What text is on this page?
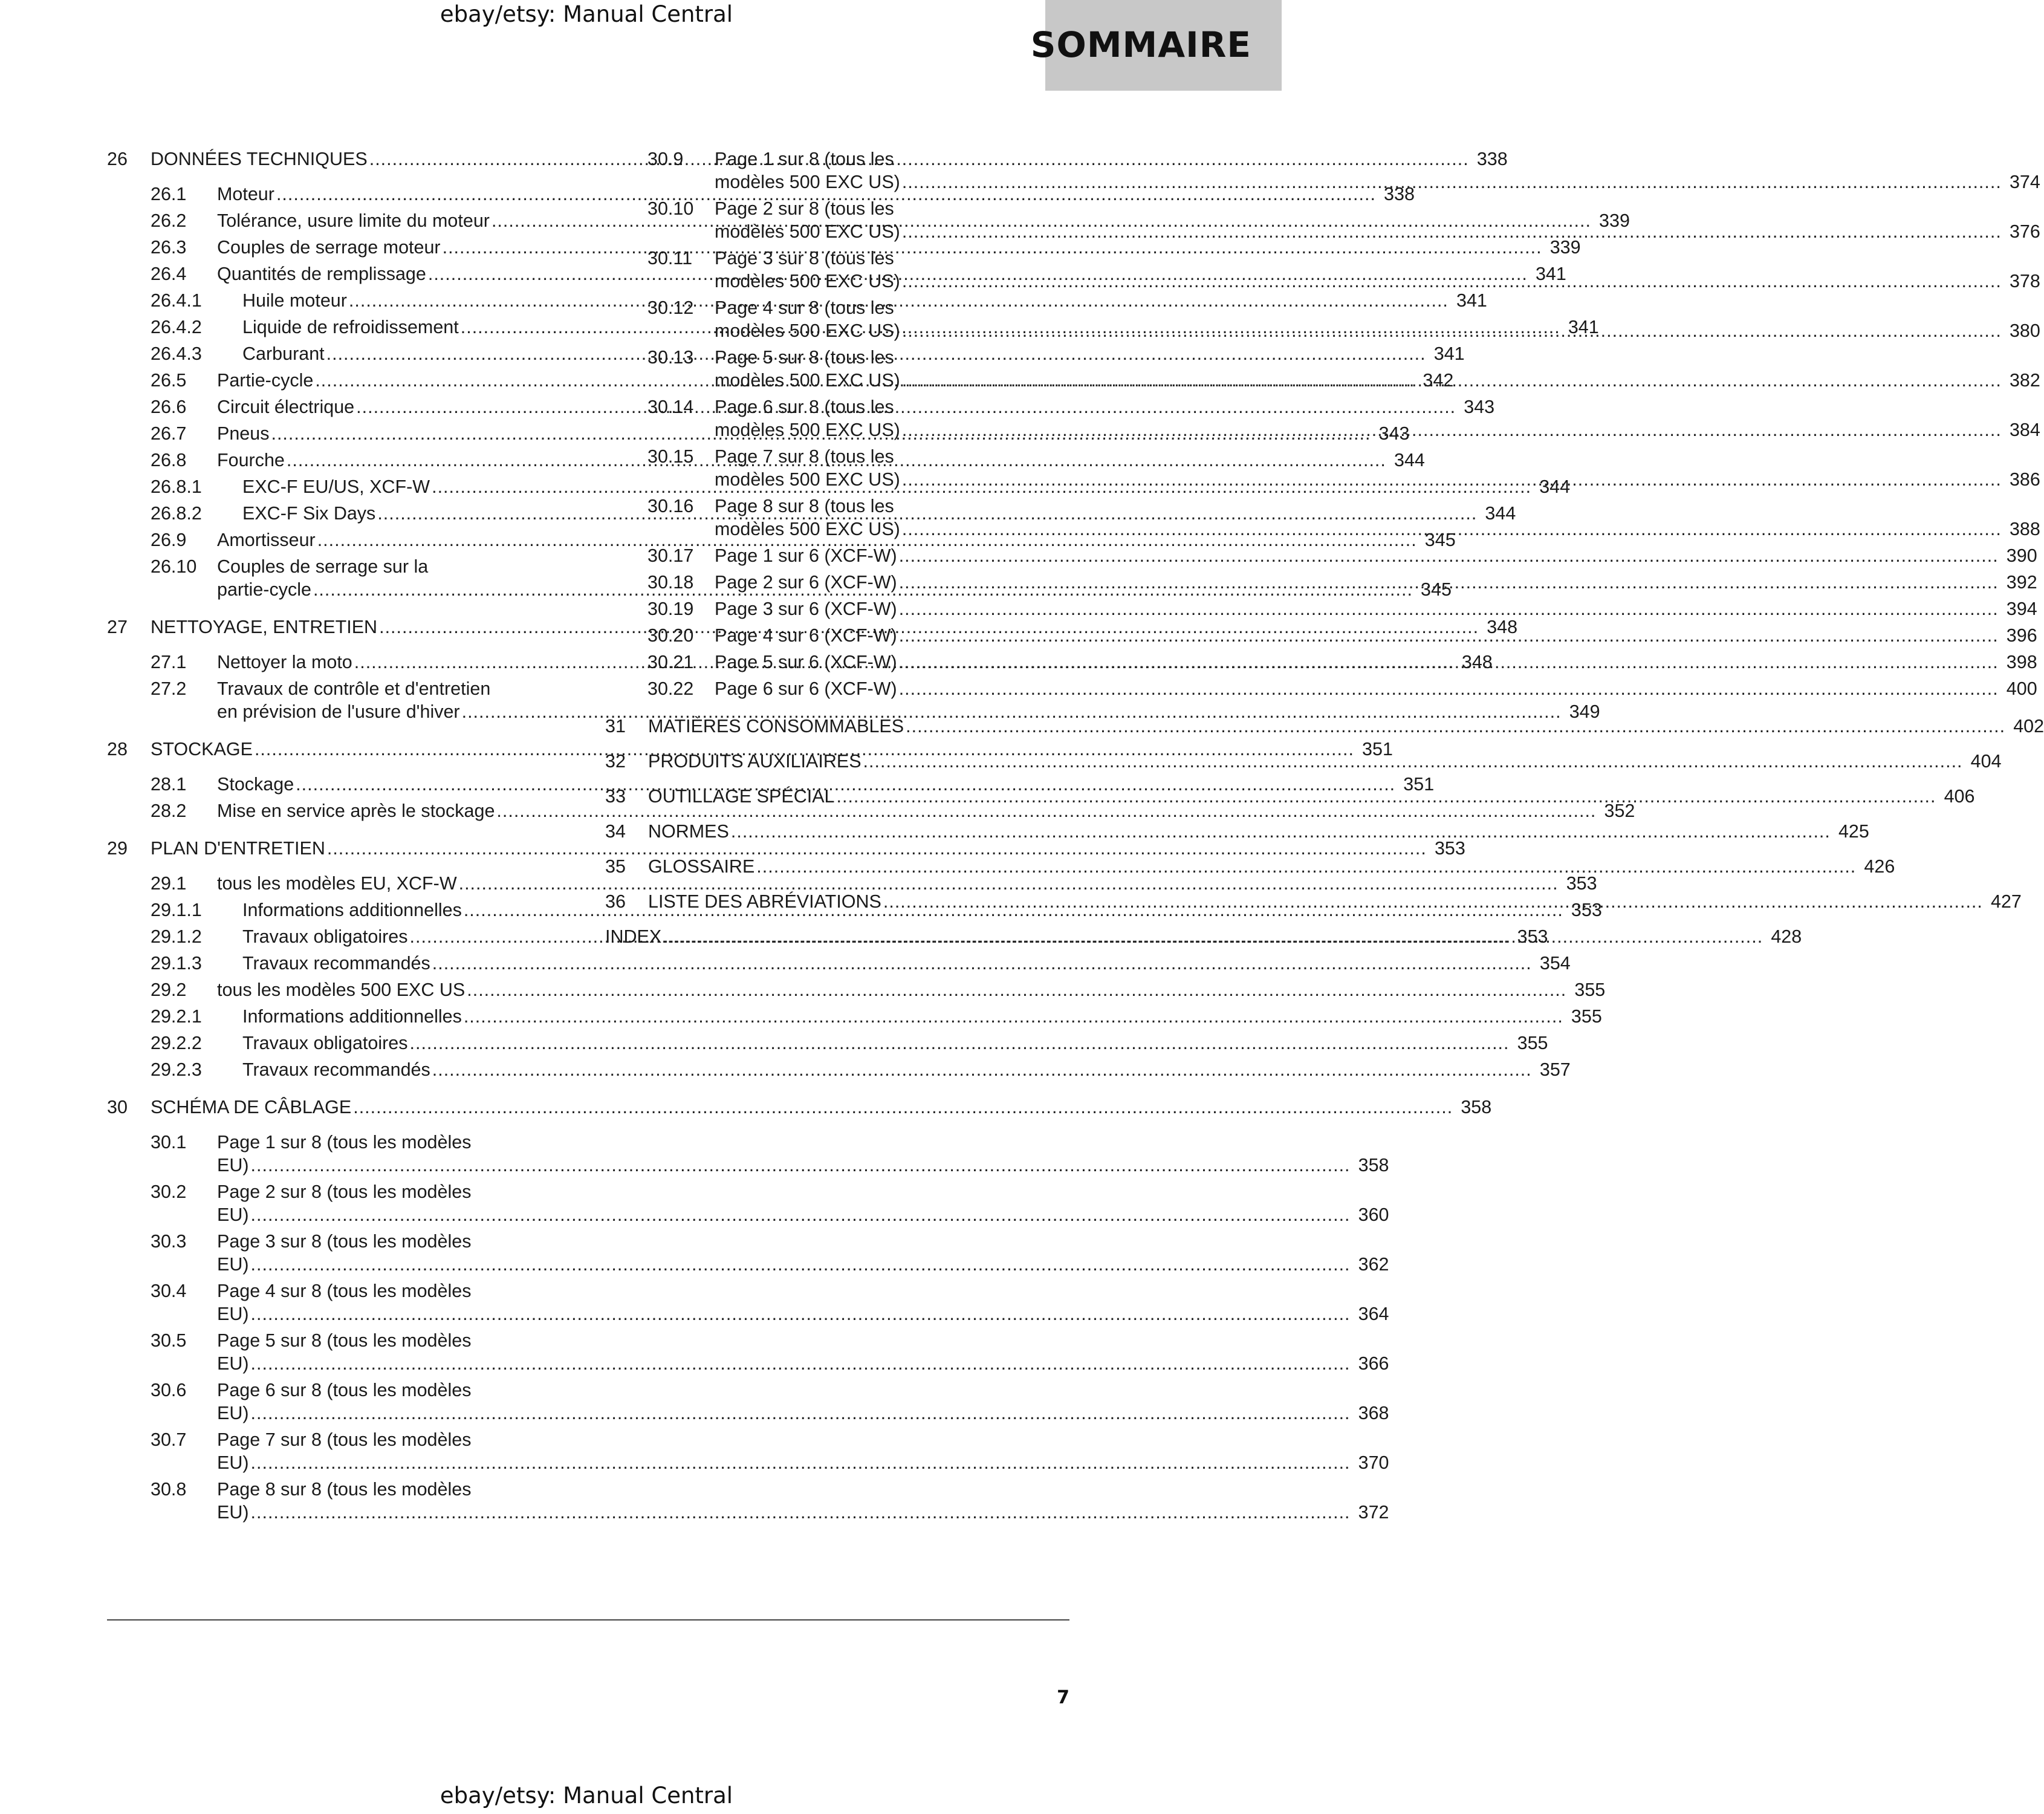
ebay/etsy: Manual Central
SOMMAIRE
26	DONNÉES TECHNIQUES .....	338
26.1	Moteur .....	338
26.2	Tolérance, usure limite du moteur .....	339
26.3	Couples de serrage moteur .....	339
26.4	Quantités de remplissage .....	341
26.4.1	Huile moteur .....	341
26.4.2	Liquide de refroidissement .....	341
26.4.3	Carburant .....	341
26.5	Partie-cycle .....	342
26.6	Circuit électrique .....	343
26.7	Pneus .....	343
26.8	Fourche .....	344
26.8.1	EXC-F EU/US, XCF-W .....	344
26.8.2	EXC-F Six Days .....	344
26.9	Amortisseur .....	345
26.10	Couples de serrage sur la
partie-cycle .....	345
27	NETTOYAGE, ENTRETIEN .....	348
27.1	Nettoyer la moto .....	348
27.2	Travaux de contrôle et d'entretien
en prévision de l'usure d'hiver .....	349
28	STOCKAGE .....	351
28.1	Stockage .....	351
28.2	Mise en service après le stockage .....	352
29	PLAN D'ENTRETIEN .....	353
29.1	tous les modèles EU, XCF-W .....	353
29.1.1	Informations additionnelles .....	353
29.1.2	Travaux obligatoires .....	353
29.1.3	Travaux recommandés .....	354
29.2	tous les modèles 500 EXC US .....	355
29.2.1	Informations additionnelles .....	355
29.2.2	Travaux obligatoires .....	355
29.2.3	Travaux recommandés .....	357
30	SCHÉMA DE CÂBLAGE .....	358
30.1	Page 1 sur 8 (tous les modèles
EU) .....	358
30.2	Page 2 sur 8 (tous les modèles
EU) .....	360
30.3	Page 3 sur 8 (tous les modèles
EU) .....	362
30.4	Page 4 sur 8 (tous les modèles
EU) .....	364
30.5	Page 5 sur 8 (tous les modèles
EU) .....	366
30.6	Page 6 sur 8 (tous les modèles
EU) .....	368
30.7	Page 7 sur 8 (tous les modèles
EU) .....	370
30.8	Page 8 sur 8 (tous les modèles
EU) .....	372
30.9	Page 1 sur 8 (tous les
modèles 500 EXC US) .....	374
30.10	Page 2 sur 8 (tous les
modèles 500 EXC US) .....	376
30.11	Page 3 sur 8 (tous les
modèles 500 EXC US) .....	378
30.12	Page 4 sur 8 (tous les
modèles 500 EXC US) .....	380
30.13	Page 5 sur 8 (tous les
modèles 500 EXC US) .....	382
30.14	Page 6 sur 8 (tous les
modèles 500 EXC US) .....	384
30.15	Page 7 sur 8 (tous les
modèles 500 EXC US) .....	386
30.16	Page 8 sur 8 (tous les
modèles 500 EXC US) .....	388
30.17	Page 1 sur 6 (XCF-W) .....	390
30.18	Page 2 sur 6 (XCF-W) .....	392
30.19	Page 3 sur 6 (XCF-W) .....	394
30.20	Page 4 sur 6 (XCF-W) .....	396
30.21	Page 5 sur 6 (XCF-W) .....	398
30.22	Page 6 sur 6 (XCF-W) .....	400
31	MATIÈRES CONSOMMABLES .....	402
32	PRODUITS AUXILIAIRES .....	404
33	OUTILLAGE SPÉCIAL .....	406
34	NORMES .....	425
35	GLOSSAIRE .....	426
36	LISTE DES ABRÉVIATIONS .....	427
INDEX .....	428
7
ebay/etsy: Manual Central
